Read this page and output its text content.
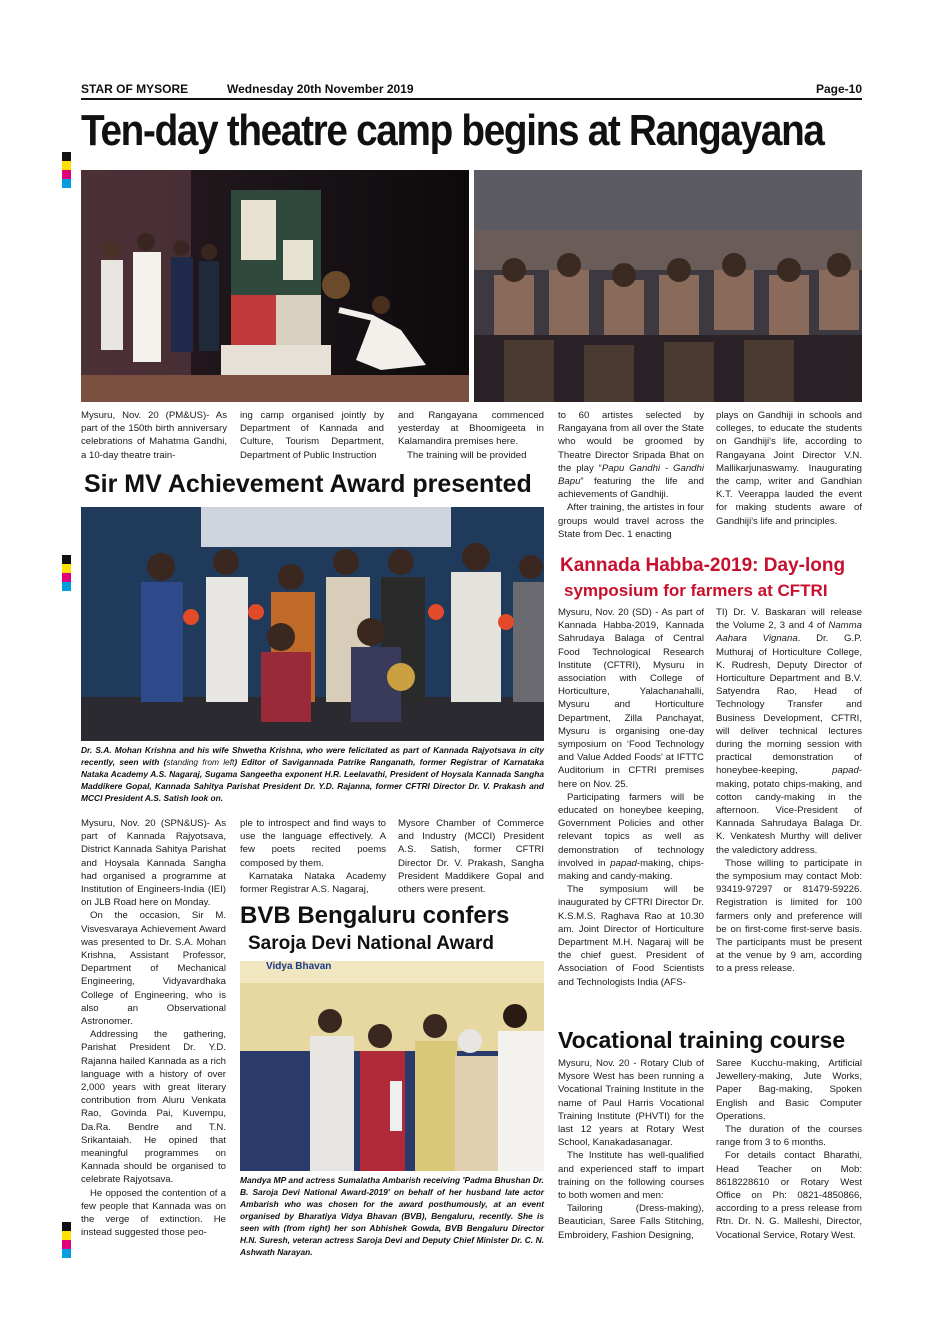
STAR OF MYSORE	Wednesday 20th November 2019	Page-10
Ten-day theatre camp begins at Rangayana

Mysuru, Nov. 20 (PM&US)- As part of the 150th birth anniversary celebrations of Mahatma Gandhi, a 10-day theatre train-

ing camp organised jointly by Department of Kannada and Culture, Tourism Department, Department of Public Instruction

and Rangayana commenced yesterday at Bhoomigeeta in Kalamandira premises here.

The training will be provided

to 60 artistes selected by Rangayana from all over the State who would be groomed by Theatre Director Sripada Bhat on the play “Papu Gandhi - Gandhi Bapu” featuring the life and achievements of Gandhiji.

After training, the artistes in four groups would travel across the State from Dec. 1 enacting

plays on Gandhiji in schools and colleges, to educate the students on Gandhiji's life, according to Rangayana Joint Director V.N. Mallikarjunaswamy. Inaugurating the camp, writer and Gandhian K.T. Veerappa lauded the event for making students aware of Gandhiji's life and principles.

Sir MV Achievement Award presented
Dr. S.A. Mohan Krishna and his wife Shwetha Krishna, who were felicitated as part of Kannada Rajyotsava in city recently, seen with (standing from left) Editor of Savigannada Patrike Ranganath, former Registrar of Karnataka Nataka Academy A.S. Nagaraj, Sugama Sangeetha exponent H.R. Leelavathi, President of Hoysala Kannada Sangha Maddikere Gopal, Kannada Sahitya Parishat President Dr. Y.D. Rajanna, former CFTRI Director Dr. V. Prakash and MCCI President A.S. Satish look on.

Mysuru, Nov. 20 (SPN&US)- As part of Kannada Rajyotsava, District Kannada Sahitya Parishat and Hoysala Kannada Sangha had organised a programme at Institution of Engineers-India (IEI) on JLB Road here on Monday.

On the occasion, Sir M. Visvesvaraya Achievement Award was presented to Dr. S.A. Mohan Krishna, Assistant Professor, Department of Mechanical Engineering, Vidyavardhaka College of Engineering, who is also an Observational Astronomer.

Addressing the gathering, Parishat President Dr. Y.D. Rajanna hailed Kannada as a rich language with a history of over 2,000 years with great literary contribution from Aluru Venkata Rao, Govinda Pai, Kuvempu, Da.Ra. Bendre and T.N. Srikantaiah. He opined that meaningful programmes on Kannada should be organised to celebrate Rajyotsava.

He opposed the contention of a few people that Kannada was on the verge of extinction. He instead suggested those peo-

ple to introspect and find ways to use the language effectively. A few poets recited poems composed by them.

Karnataka Nataka Academy former Registrar A.S. Nagaraj,

Mysore Chamber of Commerce and Industry (MCCI) President A.S. Satish, former CFTRI Director Dr. V. Prakash, Sangha President Maddikere Gopal and others were present.

BVB Bengaluru confers
Saroja Devi National Award
Vidya Bhavan
Mandya MP and actress Sumalatha Ambarish receiving 'Padma Bhushan Dr. B. Saroja Devi National Award-2019' on behalf of her husband late actor Ambarish who was chosen for the award posthumously, at an event organised by Bharatiya Vidya Bhavan (BVB), Bengaluru, recently. She is seen with (from right) her son Abhishek Gowda, BVB Bengaluru Director H.N. Suresh, veteran actress Saroja Devi and Deputy Chief Minister Dr. C. N. Ashwath Narayan.
Kannada Habba-2019: Day-long
symposium for farmers at CFTRI

Mysuru, Nov. 20 (SD) - As part of Kannada Habba-2019, Kannada Sahrudaya Balaga of Central Food Technological Research Institute (CFTRI), Mysuru in association with College of Horticulture, Yalachanahalli, Mysuru and Horticulture Department, Zilla Panchayat, Mysuru is organising one-day symposium on ‘Food Technology and Value Added Foods’ at IFTTC Auditorium in CFTRI premises here on Nov. 25.

Participating farmers will be educated on honeybee keeping, Government Policies and other relevant topics as well as demonstration of technology involved in papad-making, chips- making and candy-making.

The symposium will be inaugurated by CFTRI Director Dr. K.S.M.S. Raghava Rao at 10.30 am. Joint Director of Horticulture Department M.H. Nagaraj will be the chief guest. President of Association of Food Scientists and Technologists India (AFS-

TI) Dr. V. Baskaran will release the Volume 2, 3 and 4 of Namma Aahara Vignana. Dr. G.P. Muthuraj of Horticulture College, K. Rudresh, Deputy Director of Horticulture Department and B.V. Satyendra Rao, Head of Technology Transfer and Business Development, CFTRI, will deliver technical lectures during the morning session with practical demonstration of honeybee-keeping, papad-making, potato chips-making, and cotton candy-making in the afternoon. Vice-President of Kannada Sahrudaya Balaga Dr. K. Venkatesh Murthy will deliver the valedictory address.

Those willing to participate in the symposium may contact Mob: 93419-97297 or 81479-59226. Registration is limited for 100 farmers only and preference will be on first-come first-serve basis. The participants must be present at the venue by 9 am, according to a press release.

Vocational training course

Mysuru, Nov. 20 - Rotary Club of Mysore West has been running a Vocational Training Institute in the name of Paul Harris Vocational Training Institute (PHVTI) for the last 12 years at Rotary West School, Kanakadasanagar.

The Institute has well-qualified and experienced staff to impart training on the following courses to both women and men:

Tailoring (Dress-making), Beautician, Saree Falls Stitching, Embroidery, Fashion Designing,

Saree Kucchu-making, Artificial Jewellery-making, Jute Works, Paper Bag-making, Spoken English and Basic Computer Operations.

The duration of the courses range from 3 to 6 months.

For details contact Bharathi, Head Teacher on Mob: 8618228610 or Rotary West Office on Ph: 0821-4850866, according to a press release from Rtn. Dr. N. G. Malleshi, Director, Vocational Service, Rotary West.
